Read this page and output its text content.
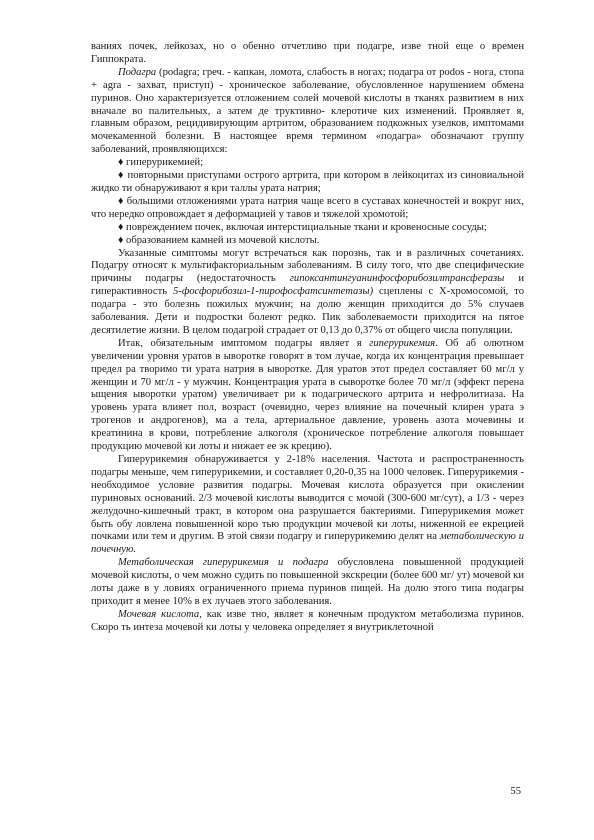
ваниях почек, лейкозах, но о обенно отчетливо при подагре, изве тной еще о времен Гиппократа.

Подагра (podagra; греч. - капкан, ломота, слабость в ногах; подагра от podos - нога, стопа + agra - захват, приступ) - хроническое заболевание, обусловленное нарушением обмена пуринов. Оно характеризуется отложением солей мочевой кислоты в тканях развитием в них вначале во палительных, а затем де труктивно- клеротиче ких изменений. Проявляет я, главным образом, рецидивирующим артритом, образованием подкожных узелков, имптомами мочекаменной болезни. В настоящее время термином «подагра» обозначают группу заболеваний, проявляющихся:

♦ гиперурикемией;

♦ повторными приступами острого артрита, при котором в лейкоцитах из синовиальной жидко ти обнаруживают я кри таллы урата натрия;

♦ большими отложениями урата натрия чаще всего в суставах конечностей и вокруг них, что нередко опровождает я деформацией у тавов и тяжелой хромотой;

♦ повреждением почек, включая интерстициальные ткани и кровеносные сосуды;

♦ образованием камней из мочевой кислоты.

Указанные симптомы могут встречаться как порознь, так и в различных сочетаниях. Подагру относят к мультифакториальным заболеваниям. В силу того, что две специфические причины подагры (недостаточность гипоксантингуанинфосфорибозилтрансферазы и гиперактивность 5-фосфорибозил-1-пирофосфатсинтетазы) сцеплены с Х-хромосомой, то подагра - это болезнь пожилых мужчин; на долю женщин приходится до 5% случаев заболевания. Дети и подростки болеют редко. Пик заболеваемости приходится на пятое десятилетие жизни. В целом подагрой страдает от 0,13 до 0,37% от общего числа популяции.

Итак, обязательным имптомом подагры являет я гиперурикемия. Об аб олютном увеличении уровня уратов в ыворотке говорят в том лучае, когда их концентрация превышает предел ра творимо ти урата натрия в ыворотке. Для уратов этот предел составляет 60 мг/л у женщин и 70 мг/л - у мужчин. Концентрация урата в сыворотке более 70 мг/л (эффект перена ыщения ыворотки уратом) увеличивает ри к подагрического артрита и нефролитиаза. На уровень урата влияет пол, возраст (очевидно, через влияние на почечный клирен урата э трогенов и андрогенов), ма а тела, артериальное давление, уровень азота мочевины и креатинина в крови, потребление алкоголя (хроническое потребление алкоголя повышает продукцию мочевой ки лоты и нижает ее эк крецию).

Гиперурикемия обнаруживается у 2-18% населения. Частота и распространенность подагры меньше, чем гиперурикемии, и составляет 0,20-0,35 на 1000 человек. Гиперурикемия - необходимое условие развития подагры. Мочевая кислота образуется при окислении пуриновых оснований. 2/3 мочевой кислоты выводится с мочой (300-600 мг/сут), а 1/3 - через желудочно-кишечный тракт, в котором она разрушается бактериями. Гиперурикемия может быть обу ловлена повышенной коро тью продукции мочевой ки лоты, ниженной ее екрецией почками или тем и другим. В этой связи подагру и гиперурикемию делят на метаболическую и почечную.

Метаболическая гиперурикемия и подагра обусловлена повышенной продукцией мочевой кислоты, о чем можно судить по повышенной экскреции (более 600 мг/ ут) мочевой ки лоты даже в у ловиях ограниченного приема пуринов пищей. На долю этого типа подагры приходит я менее 10% в ех лучаев этого заболевания.

Мочевая кислота, как изве тно, являет я конечным продуктом метаболизма пуринов. Скоро ть интеза мочевой ки лоты у человека определяет я внутриклеточной

55
